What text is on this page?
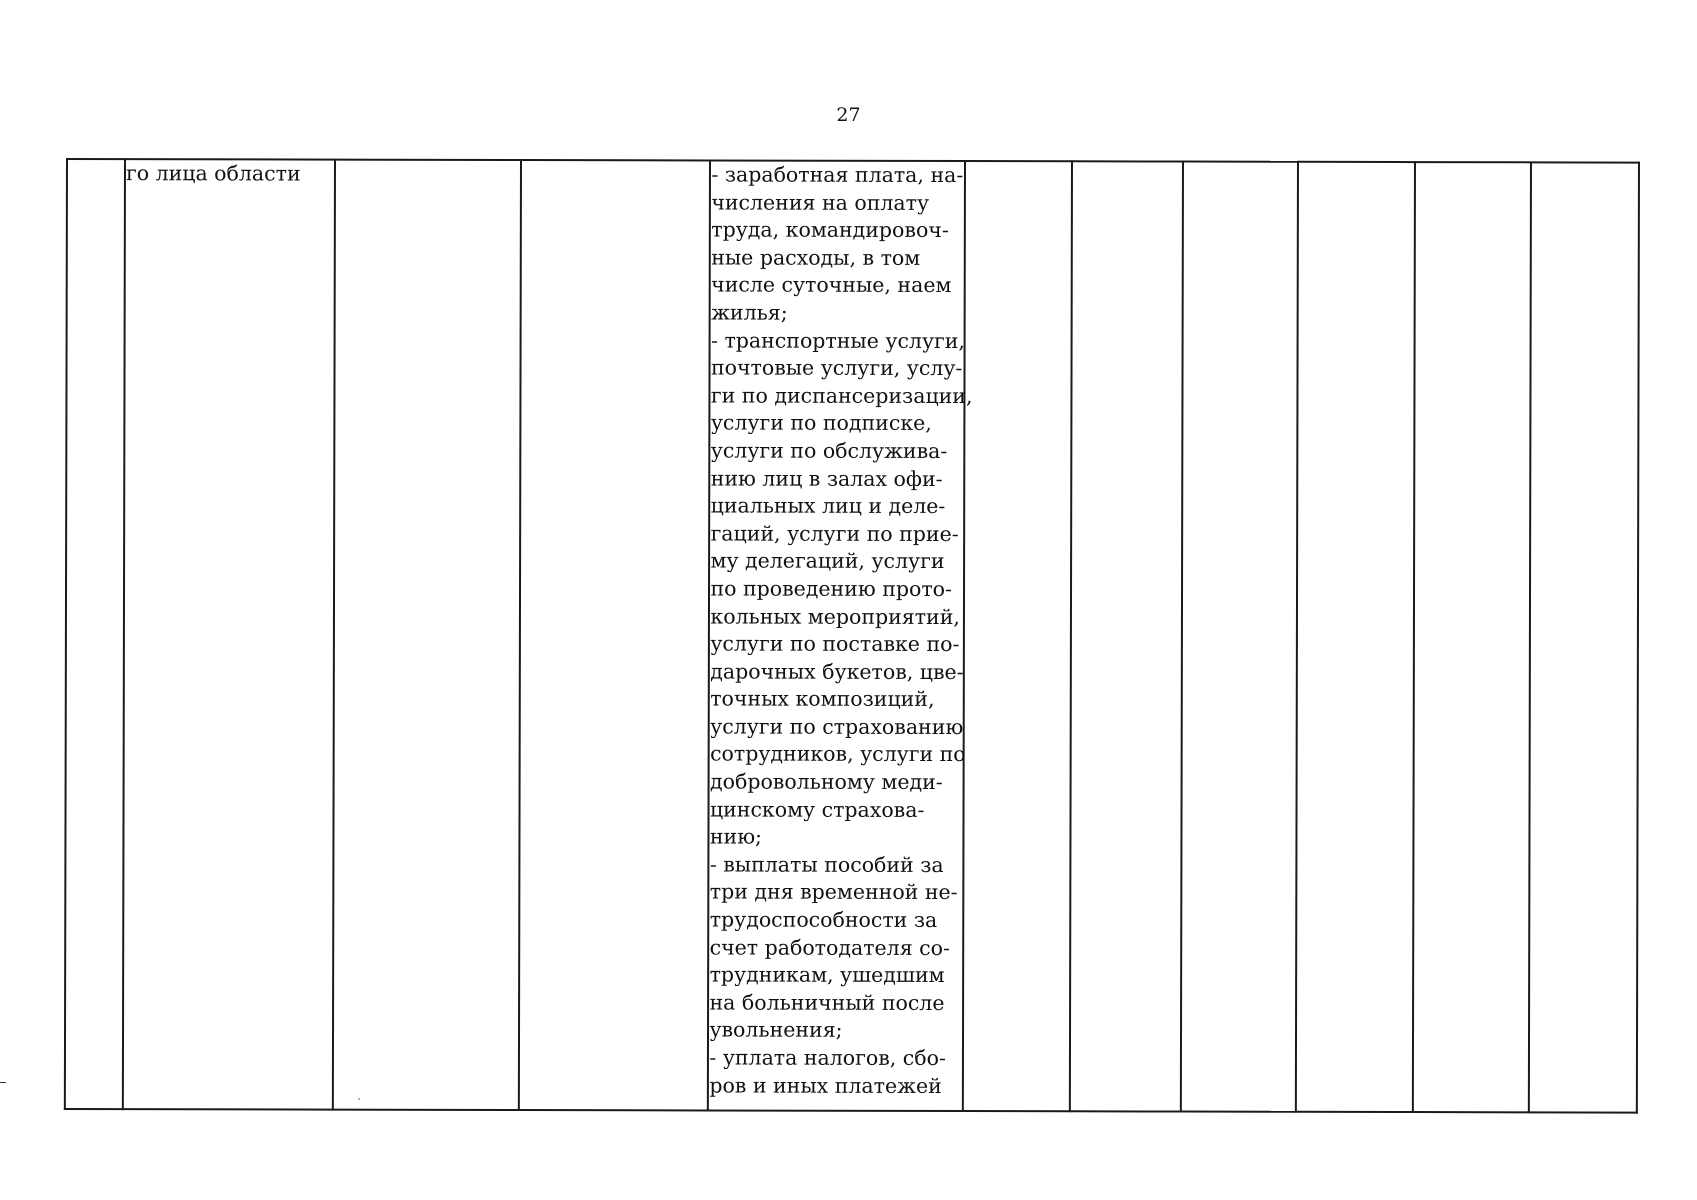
27
	го лица области			- заработная плата, на-
числения на оплату
труда, командировоч-
ные расходы, в том
числе суточные, наем
жилья;
- транспортные услуги,
почтовые услуги, услу-
ги по диспансеризации,
услуги по подписке,
услуги по обслужива-
нию лиц в залах офи-
циальных лиц и деле-
гаций, услуги по прие-
му делегаций, услуги
по проведению прото-
кольных мероприятий,
услуги по поставке по-
дарочных букетов, цве-
точных композиций,
услуги по страхованию
сотрудников, услуги по
добровольному меди-
цинскому страхова-
нию;
- выплаты пособий за
три дня временной не-
трудоспособности за
счет работодателя со-
трудникам, ушедшим
на больничный после
увольнения;
- уплата налогов, сбо-
ров и иных платежей
